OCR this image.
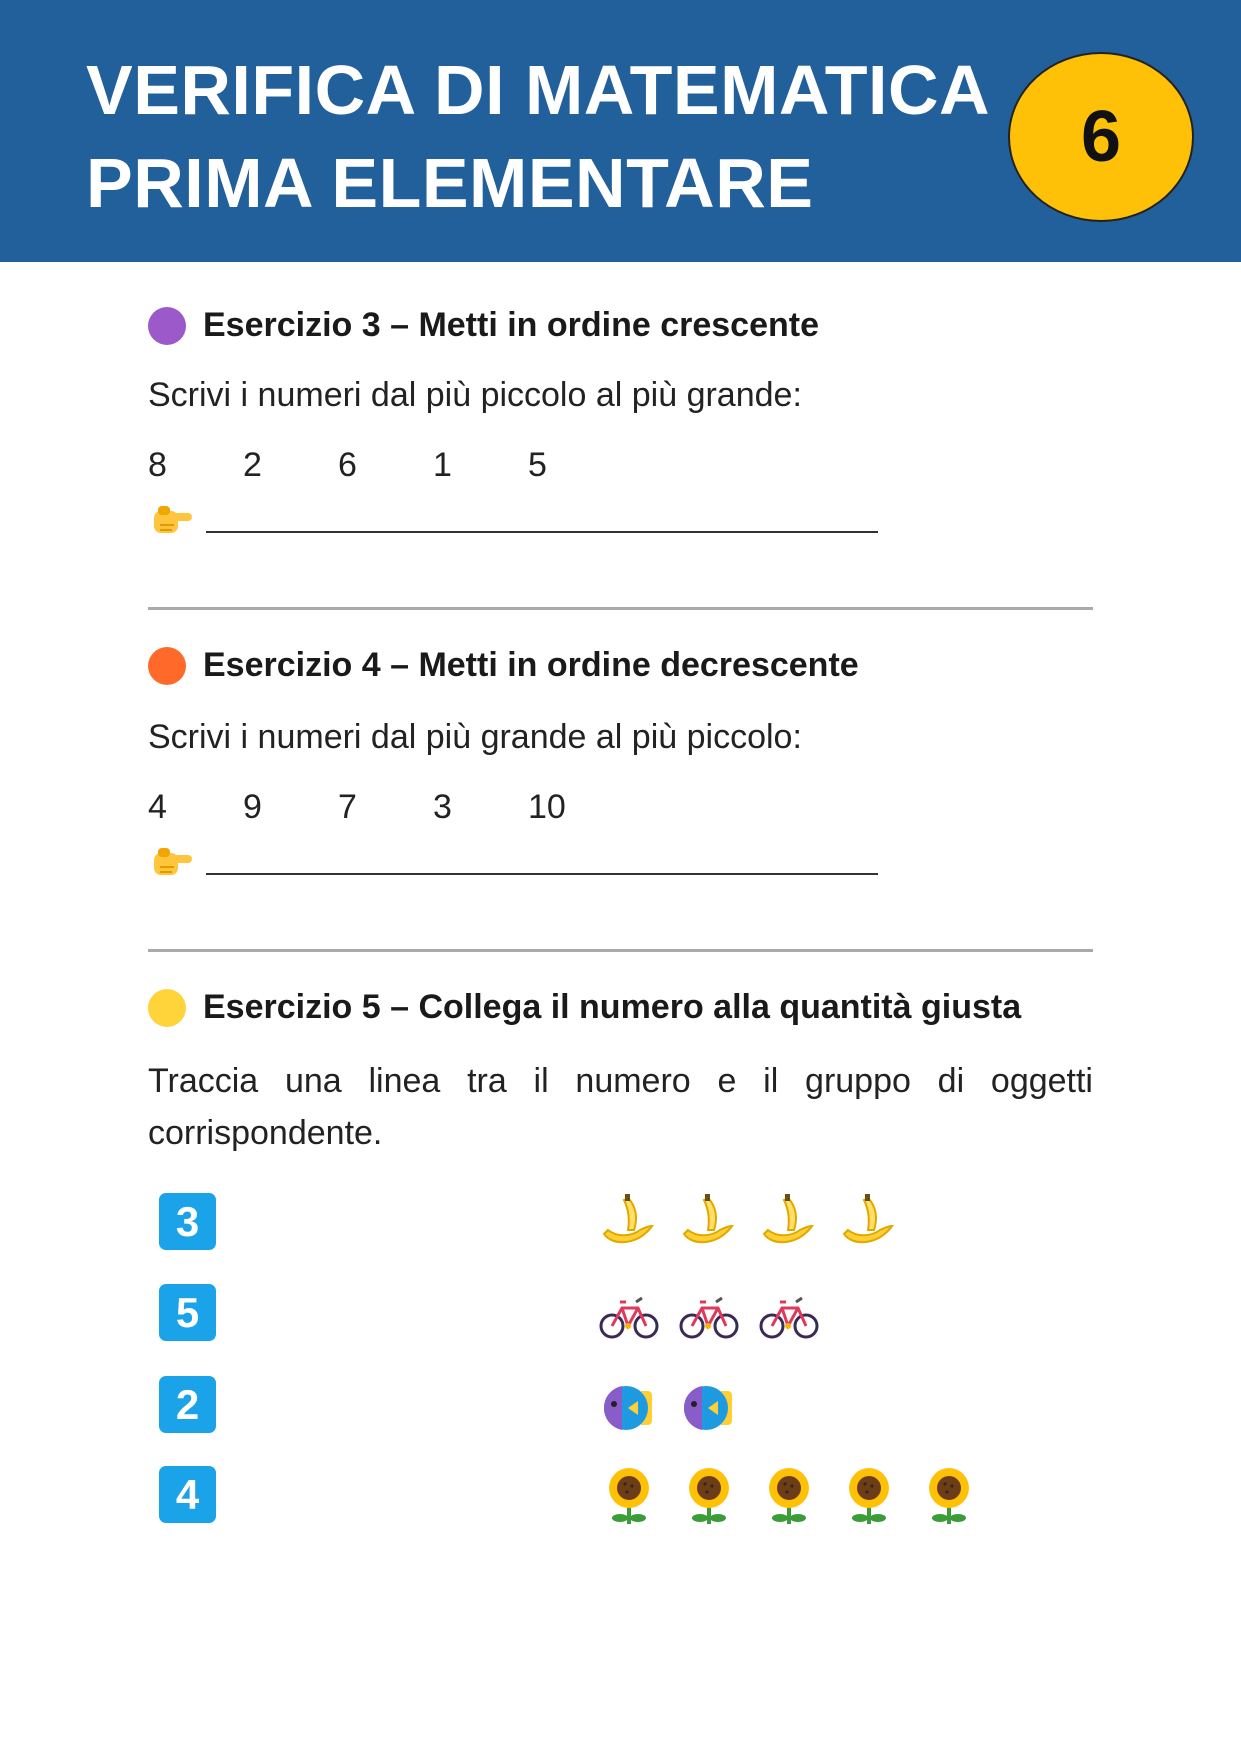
VERIFICA DI MATEMATICA
PRIMA ELEMENTARE
6
Esercizio 3 – Metti in ordine crescente
Scrivi i numeri dal più piccolo al più grande:
8	2	6	1	5
Esercizio 4 – Metti in ordine decrescente
Scrivi i numeri dal più grande al più piccolo:
4	9	7	3	10
Esercizio 5 – Collega il numero alla quantità giusta
Traccia una linea tra il numero e il gruppo di oggetti corrispondente.
3
5
2
4
